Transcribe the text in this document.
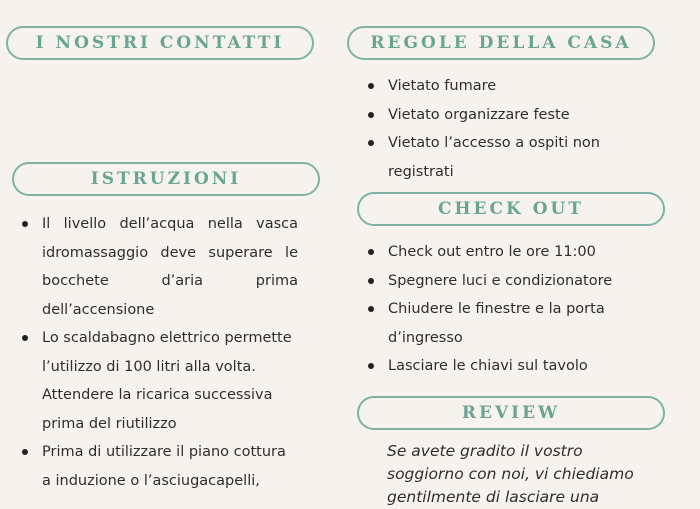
I NOSTRI CONTATTI	REGOLE DELLA CASA
Vietato fumare
Vietato organizzare feste
Vietato l’accesso a ospiti non registrati
ISTRUZIONI
Il livello dell’acqua nella vasca idromassaggio deve superare le bocchete d’aria prima dell’accensione
Lo scaldabagno elettrico permette l’utilizzo di 100 litri alla volta. Attendere la ricarica successiva prima del riutilizzo
Prima di utilizzare il piano cottura a induzione o l’asciugacapelli,
CHECK OUT
Check out entro le ore 11:00
Spegnere luci e condizionatore
Chiudere le finestre e la porta d’ingresso
Lasciare le chiavi sul tavolo
REVIEW
Se avete gradito il vostro soggiorno con noi, vi chiediamo gentilmente di lasciare una
